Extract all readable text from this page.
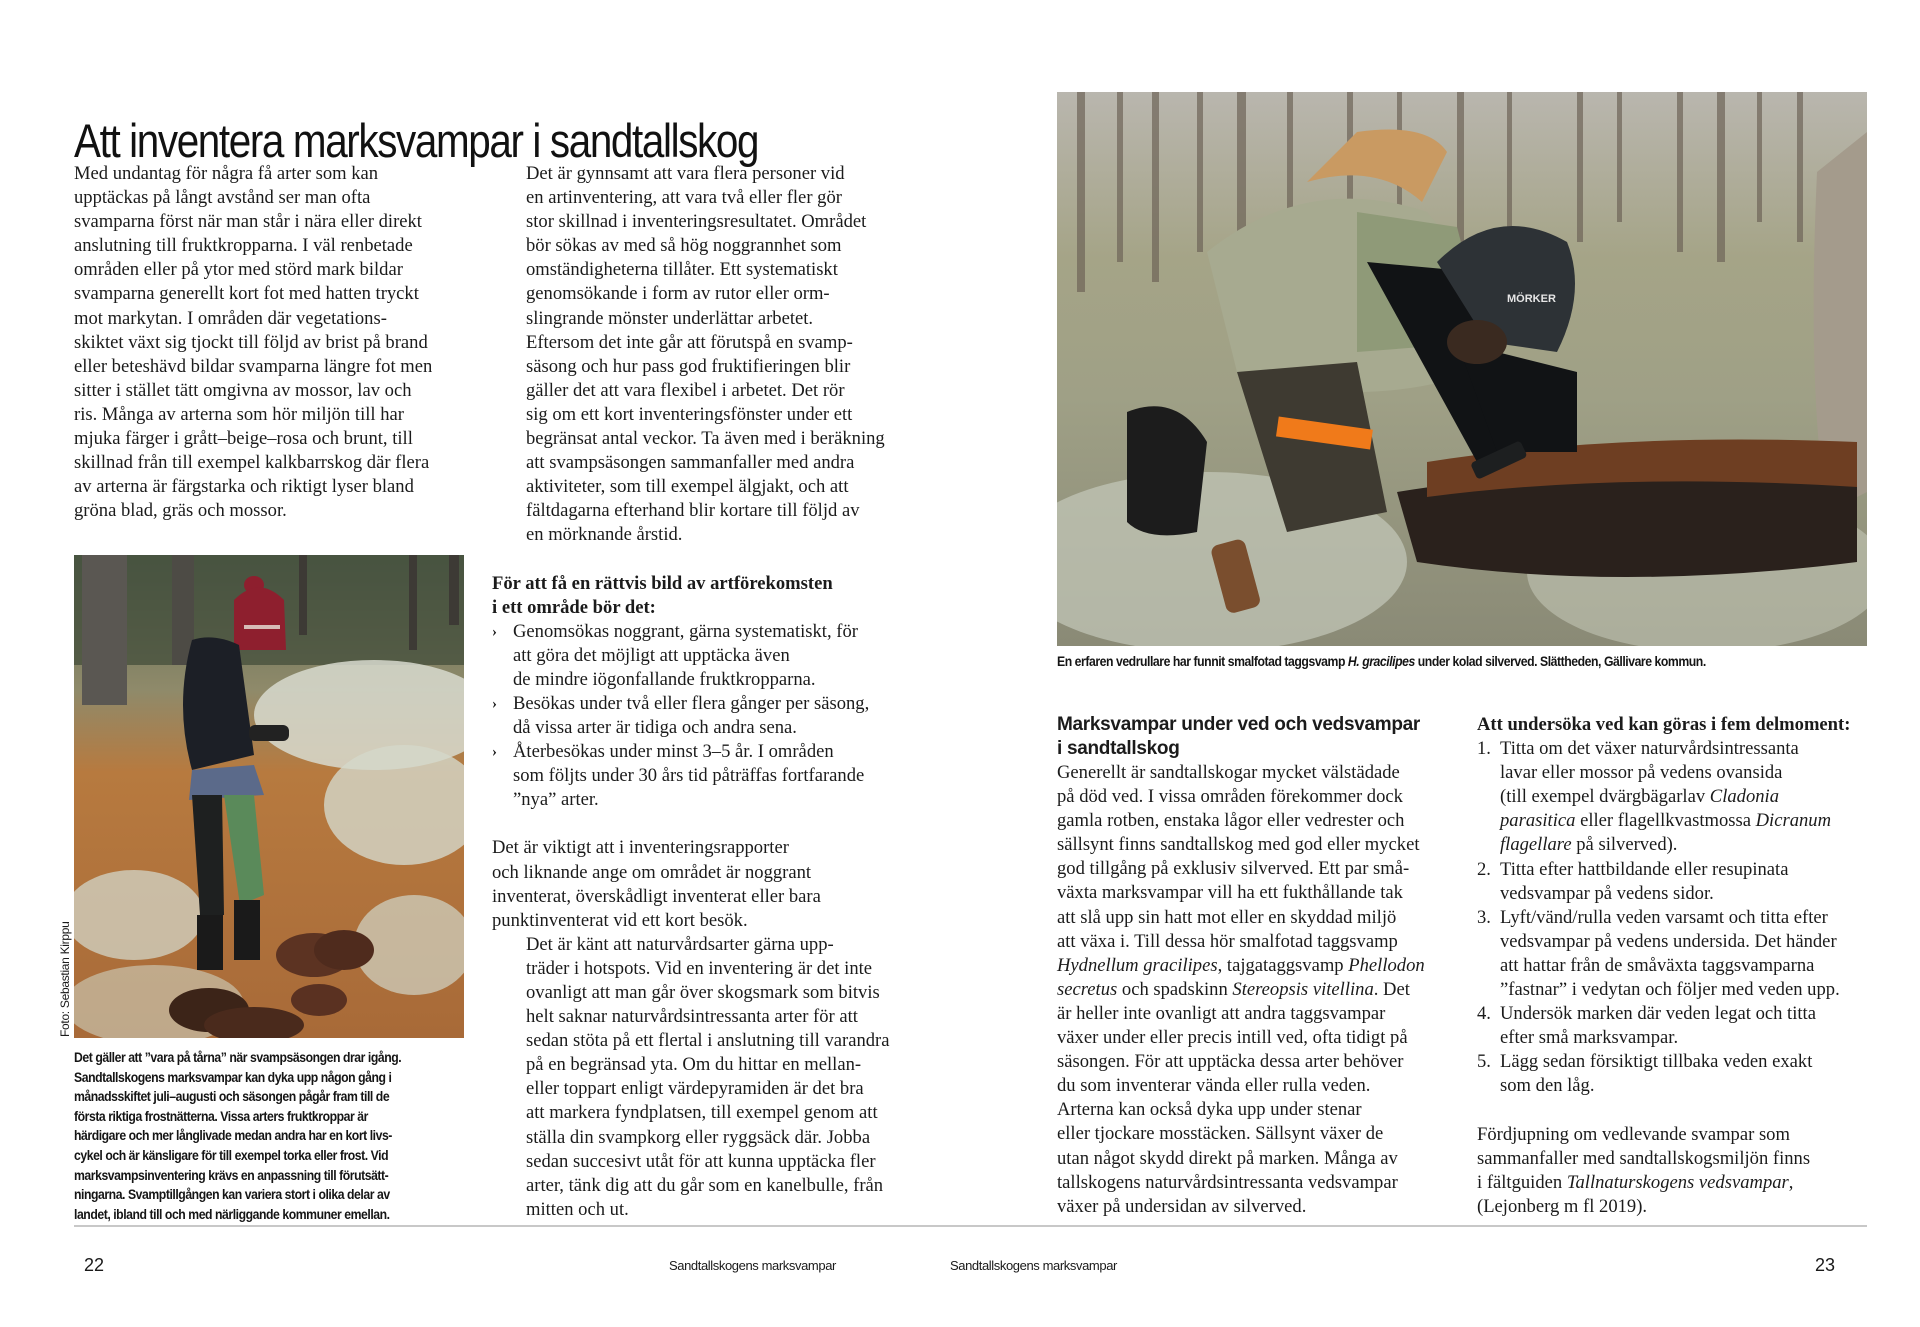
Att inventera marksvampar i sandtallskog

Med undantag för några få arter som kan
upptäckas på långt avstånd ser man ofta
svamparna först när man står i nära eller direkt
anslutning till fruktkropparna. I väl renbetade
områden eller på ytor med störd mark bildar
svamparna generellt kort fot med hatten tryckt
mot markytan. I områden där vegetations-
skiktet växt sig tjockt till följd av brist på brand
eller beteshävd bildar svamparna längre fot men
sitter i stället tätt omgivna av mossor, lav och
ris. Många av arterna som hör miljön till har
mjuka färger i grått–beige–rosa och brunt, till
skillnad från till exempel kalkbarrskog där flera
av arterna är färgstarka och riktigt lyser bland
gröna blad, gräs och mossor.

Foto: Sebastian Kirppu
Det gäller att ”vara på tårna” när svampsäsongen drar igång.
Sandtallskogens marksvampar kan dyka upp någon gång i
månadsskiftet juli–augusti och säsongen pågår fram till de
första riktiga frostnätterna. Vissa arters fruktkroppar är
härdigare och mer långlivade medan andra har en kort livs-
cykel och är känsligare för till exempel torka eller frost. Vid
marksvampsinventering krävs en anpassning till förutsätt-
ningarna. Svamptillgången kan variera stort i olika delar av
landet, ibland till och med närliggande kommuner emellan.

Det är gynnsamt att vara flera personer vid
en artinventering, att vara två eller fler gör
stor skillnad i inventeringsresultatet. Området
bör sökas av med så hög noggrannhet som
omständigheterna tillåter. Ett systematiskt
genomsökande i form av rutor eller orm-
slingrande mönster underlättar arbetet.

Eftersom det inte går att förutspå en svamp-
säsong och hur pass god fruktifieringen blir
gäller det att vara flexibel i arbetet. Det rör
sig om ett kort inventeringsfönster under ett
begränsat antal veckor. Ta även med i beräkning
att svampsäsongen sammanfaller med andra
aktiviteter, som till exempel älgjakt, och att
fältdagarna efterhand blir kortare till följd av
en mörknande årstid.

För att få en rättvis bild av artförekomsten
i ett område bör det:

› Genomsökas noggrant, gärna systematiskt, för
att göra det möjligt att upptäcka även
de mindre iögonfallande fruktkropparna.
› Besökas under två eller flera gånger per säsong,
då vissa arter är tidiga och andra sena.
› Återbesökas under minst 3–5 år. I områden
som följts under 30 års tid påträffas fortfarande
”nya” arter.

Det är viktigt att i inventeringsrapporter
och liknande ange om området är noggrant
inventerat, överskådligt inventerat eller bara
punktinventerat vid ett kort besök.

Det är känt att naturvårdsarter gärna upp-
träder i hotspots. Vid en inventering är det inte
ovanligt att man går över skogsmark som bitvis
helt saknar naturvårdsintressanta arter för att
sedan stöta på ett flertal i anslutning till varandra
på en begränsad yta. Om du hittar en mellan-
eller toppart enligt värdepyramiden är det bra
att markera fyndplatsen, till exempel genom att
ställa din svampkorg eller ryggsäck där. Jobba
sedan succesivt utåt för att kunna upptäcka fler
arter, tänk dig att du går som en kanelbulle, från
mitten och ut.

MÖRKER
En erfaren vedrullare har funnit smalfotad taggsvamp H. gracilipes under kolad silverved. Slättheden, Gällivare kommun.

Marksvampar under ved och vedsvampar
i sandtallskog

Generellt är sandtallskogar mycket välstädade
på död ved. I vissa områden förekommer dock
gamla rotben, enstaka lågor eller vedrester och
sällsynt finns sandtallskog med god eller mycket
god tillgång på exklusiv silverved. Ett par små-
växta marksvampar vill ha ett fukthållande tak
att slå upp sin hatt mot eller en skyddad miljö
att växa i. Till dessa hör smalfotad taggsvamp
Hydnellum gracilipes, tajgataggsvamp Phellodon
secretus och spadskinn Stereopsis vitellina. Det
är heller inte ovanligt att andra taggsvampar
växer under eller precis intill ved, ofta tidigt på
säsongen. För att upptäcka dessa arter behöver
du som inventerar vända eller rulla veden.
Arterna kan också dyka upp under stenar
eller tjockare mosstäcken. Sällsynt växer de
utan något skydd direkt på marken. Många av
tallskogens naturvårdsintressanta vedsvampar
växer på undersidan av silverved.

Att undersöka ved kan göras i fem delmoment:

1. Titta om det växer naturvårdsintressanta
lavar eller mossor på vedens ovansida
(till exempel dvärgbägarlav Cladonia
parasitica eller flagellkvastmossa Dicranum
flagellare på silverved).
2. Titta efter hattbildande eller resupinata
vedsvampar på vedens sidor.
3. Lyft/vänd/rulla veden varsamt och titta efter
vedsvampar på vedens undersida. Det händer
att hattar från de småväxta taggsvamparna
”fastnar” i vedytan och följer med veden upp.
4. Undersök marken där veden legat och titta
efter små marksvampar.
5. Lägg sedan försiktigt tillbaka veden exakt
som den låg.

Fördjupning om vedlevande svampar som
sammanfaller med sandtallskogsmiljön finns
i fältguiden Tallnaturskogens vedsvampar,
(Lejonberg m fl 2019).

22	Sandtallskogens marksvampar	Sandtallskogens marksvampar	23
